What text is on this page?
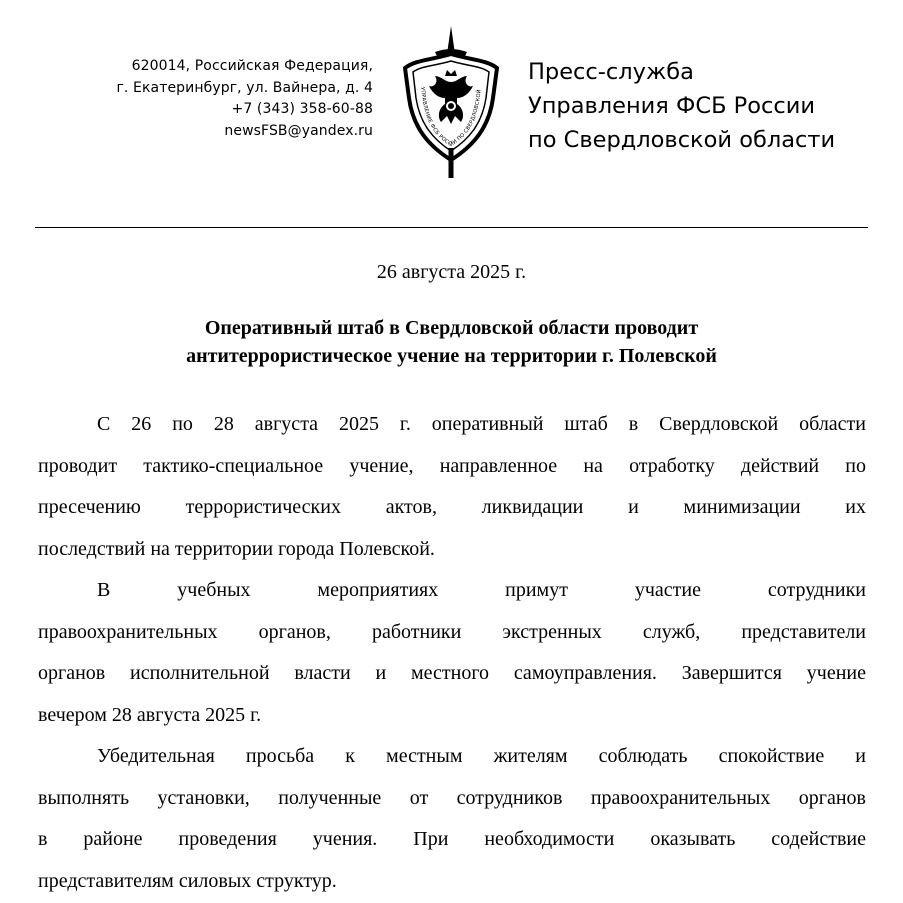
620014, Российская Федерация,
г. Екатеринбург, ул. Вайнера, д. 4
+7 (343) 358-60-88
newsFSB@yandex.ru
УПРАВЛЕНИЕ ФСБ РОССИИ ПО СВЕРДЛОВСКОЙ
Пресс-служба
Управления ФСБ России
по Свердловской области
26 августа 2025 г.
Оперативный штаб в Свердловской области проводит
антитеррористическое учение на территории г. Полевской
С 26 по 28 августа 2025 г. оперативный штаб в Свердловской области
проводит тактико-специальное учение, направленное на отработку действий по
пресечению террористических актов, ликвидации и минимизации их
последствий на территории города Полевской.
В учебных мероприятиях примут участие сотрудники
правоохранительных органов, работники экстренных служб, представители
органов исполнительной власти и местного самоуправления. Завершится учение
вечером 28 августа 2025 г.
Убедительная просьба к местным жителям соблюдать спокойствие и
выполнять установки, полученные от сотрудников правоохранительных органов
в районе проведения учения. При необходимости оказывать содействие
представителям силовых структур.
